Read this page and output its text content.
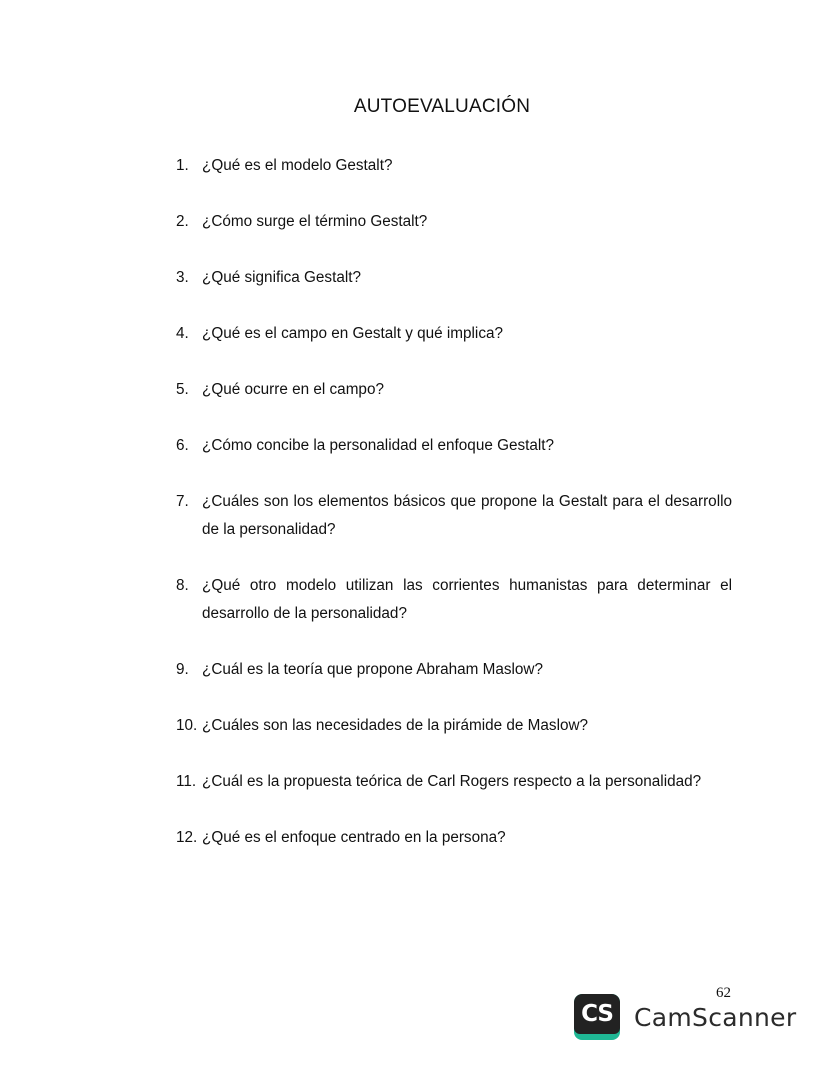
AUTOEVALUACIÓN
1. ¿Qué es el modelo Gestalt?
2. ¿Cómo surge el término Gestalt?
3. ¿Qué significa Gestalt?
4. ¿Qué es el campo en Gestalt y qué implica?
5. ¿Qué ocurre en el campo?
6. ¿Cómo concibe la personalidad el enfoque Gestalt?
7. ¿Cuáles son los elementos básicos que propone la Gestalt para el desarrollo de la personalidad?
8. ¿Qué otro modelo utilizan las corrientes humanistas para determinar el desarrollo de la personalidad?
9. ¿Cuál es la teoría que propone Abraham Maslow?
10. ¿Cuáles son las necesidades de la pirámide de Maslow?
11. ¿Cuál es la propuesta teórica de Carl Rogers respecto a la personalidad?
12. ¿Qué es el enfoque centrado en la persona?
62
CS CamScanner
